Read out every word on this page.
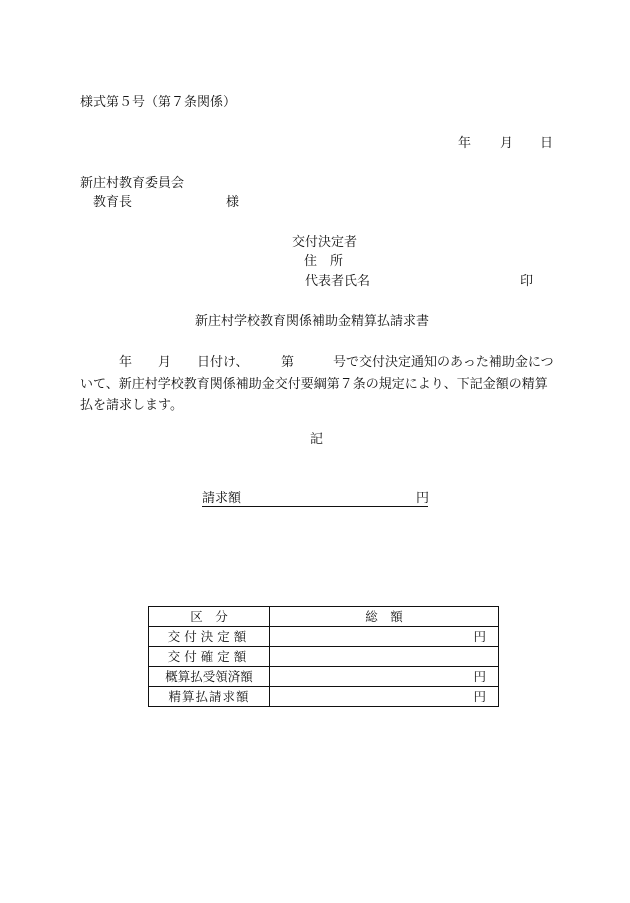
様式第５号（第７条関係）
年 月 日
新庄村教育委員会
教育長	様
交付決定者
住　所
代表者氏名	印
新庄村学校教育関係補助金精算払請求書
　年　　月　　日付け、　　　第　　　号で交付決定通知のあった補助金について、新庄村学校教育関係補助金交付要綱第７条の規定により、下記金額の精算払を請求します。
記
請求額	円
区　分	総　額
交付決定額	円
交付確定額	
概算払受領済額	円
精算払請求額	円
